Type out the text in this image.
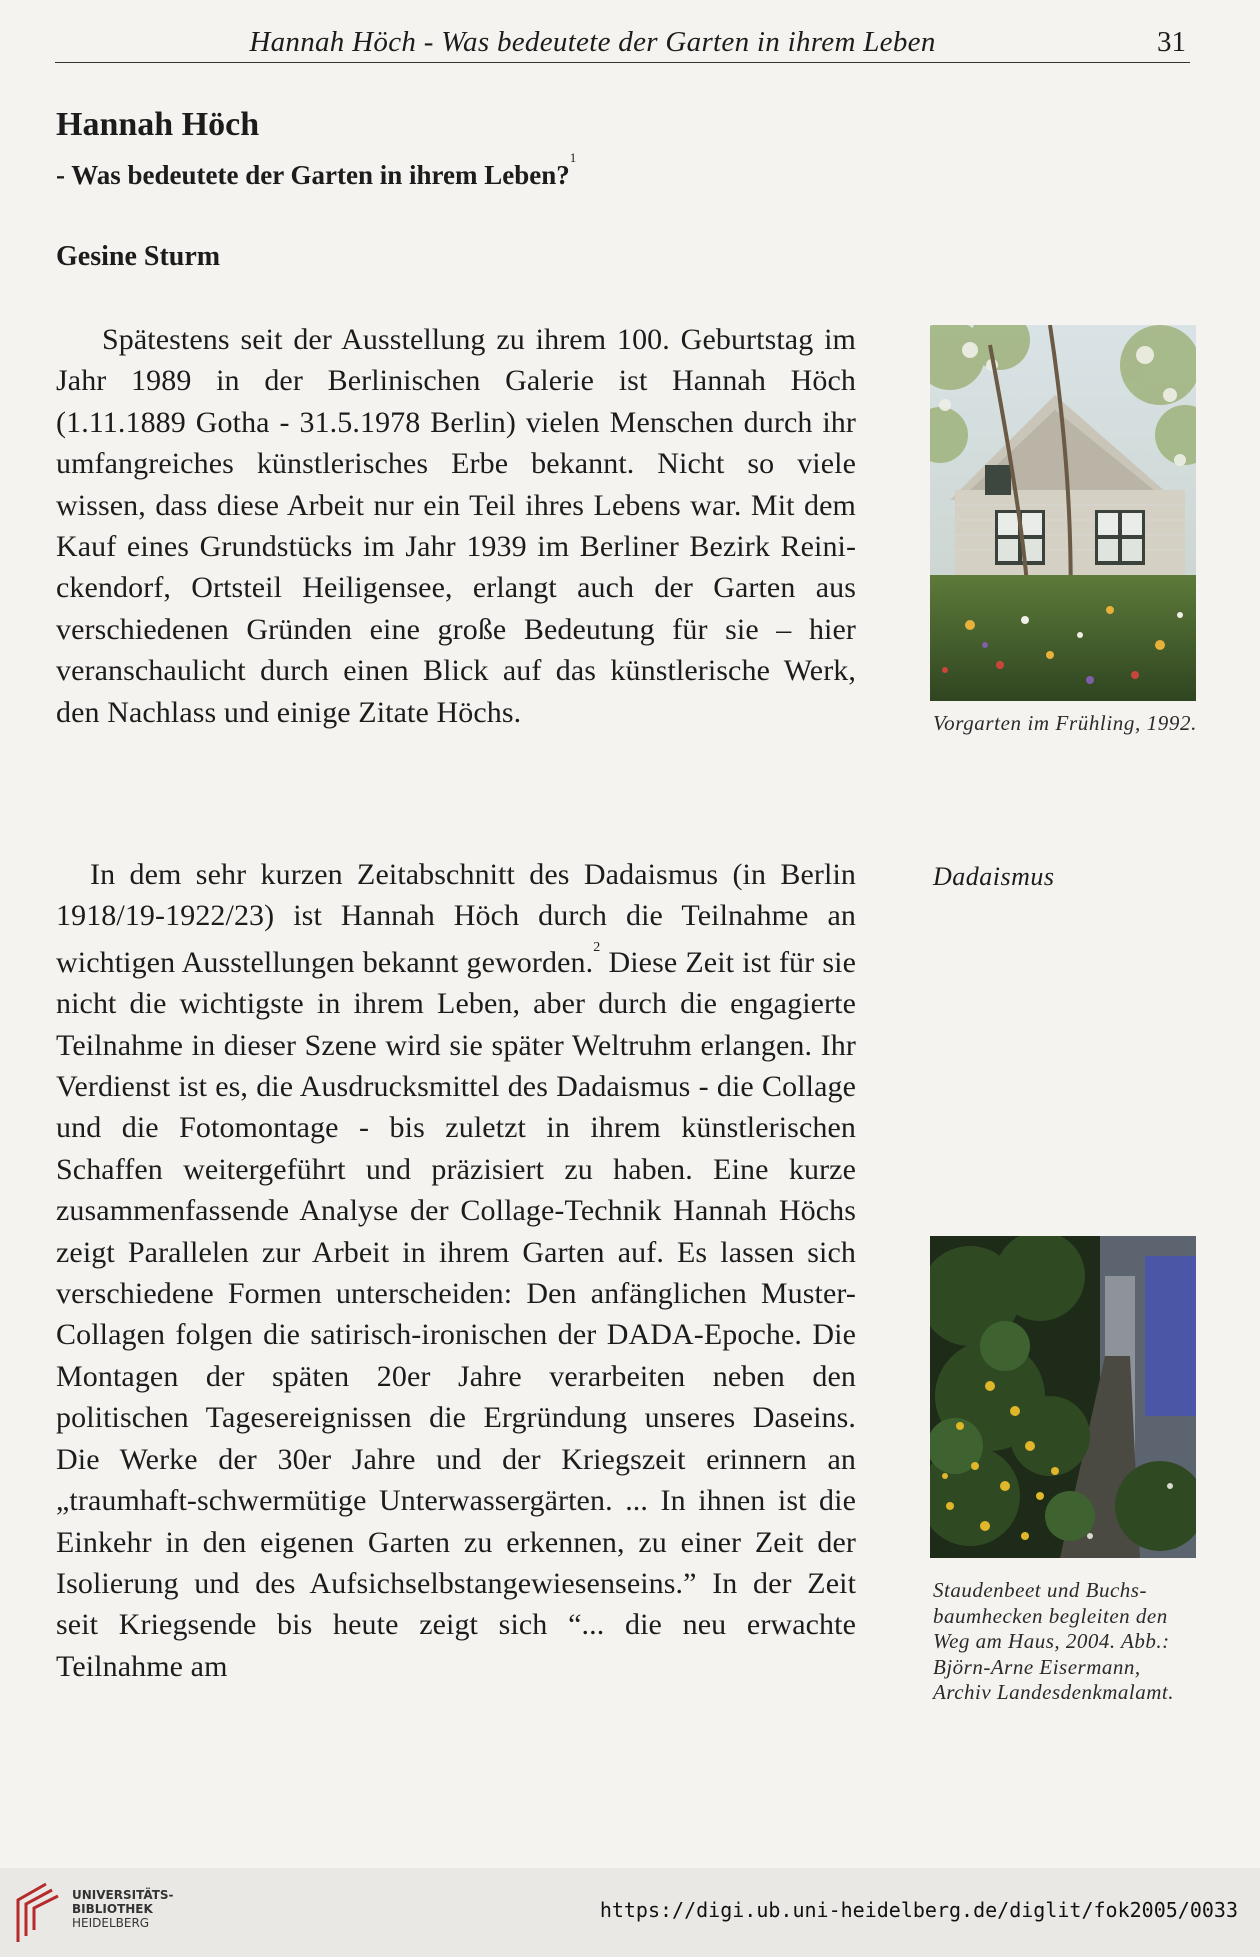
Hannah Höch - Was bedeutete der Garten in ihrem Leben	31
Hannah Höch
- Was bedeutete der Garten in ihrem Leben?$^1$
Gesine Sturm

Spätestens seit der Ausstellung zu ihrem 100. Geburtstag im Jahr 1989 in der Berlinischen Galerie ist Hannah Höch (1.11.1889 Gotha - 31.5.1978 Berlin) vielen Menschen durch ihr umfangreiches künstlerisches Erbe bekannt. Nicht so viele wissen, dass diese Arbeit nur ein Teil ihres Lebens war. Mit dem Kauf eines Grundstücks im Jahr 1939 im Berliner Bezirk Reinickendorf, Ortsteil Heiligensee, erlangt auch der Garten aus verschiedenen Gründen eine große Bedeutung für sie – hier veranschaulicht durch einen Blick auf das künstlerische Werk, den Nachlass und einige Zitate Höchs.

In dem sehr kurzen Zeitabschnitt des Dadaismus (in Berlin 1918/19-1922/23) ist Hannah Höch durch die Teilnahme an wichtigen Ausstellungen bekannt geworden.$^2$ Diese Zeit ist für sie nicht die wichtigste in ihrem Leben, aber durch die engagierte Teilnahme in dieser Szene wird sie später Weltruhm erlangen. Ihr Verdienst ist es, die Ausdrucksmittel des Dadaismus - die Collage und die Fotomontage - bis zuletzt in ihrem künstlerischen Schaffen weitergeführt und präzisiert zu haben. Eine kurze zusammenfassende Analyse der Collage-Technik Hannah Höchs zeigt Parallelen zur Arbeit in ihrem Garten auf. Es lassen sich verschiedene Formen unterscheiden: Den anfänglichen Muster-Collagen folgen die satirisch-ironischen der DADA-Epoche. Die Montagen der späten 20er Jahre verarbeiten neben den politischen Tagesereignissen die Ergründung unseres Daseins. Die Werke der 30er Jahre und der Kriegszeit erinnern an „traumhaft-schwermütige Unterwassergärten. ... In ihnen ist die Einkehr in den eigenen Garten zu erkennen, zu einer Zeit der Isolierung und des Aufsichselbstangewiesenseins.” In der Zeit seit Kriegsende bis heute zeigt sich “... die neu erwachte Teilnahme am

Vorgarten im Frühling, 1992.

Dadaismus

Staudenbeet und Buchsbaumhecken begleiten den Weg am Haus, 2004. Abb.: Björn-Arne Eisermann, Archiv Landesdenkmalamt.

UNIVERSITÄTS-
BIBLIOTHEK
HEIDELBERG

https://digi.ub.uni-heidelberg.de/diglit/fok2005/0033
